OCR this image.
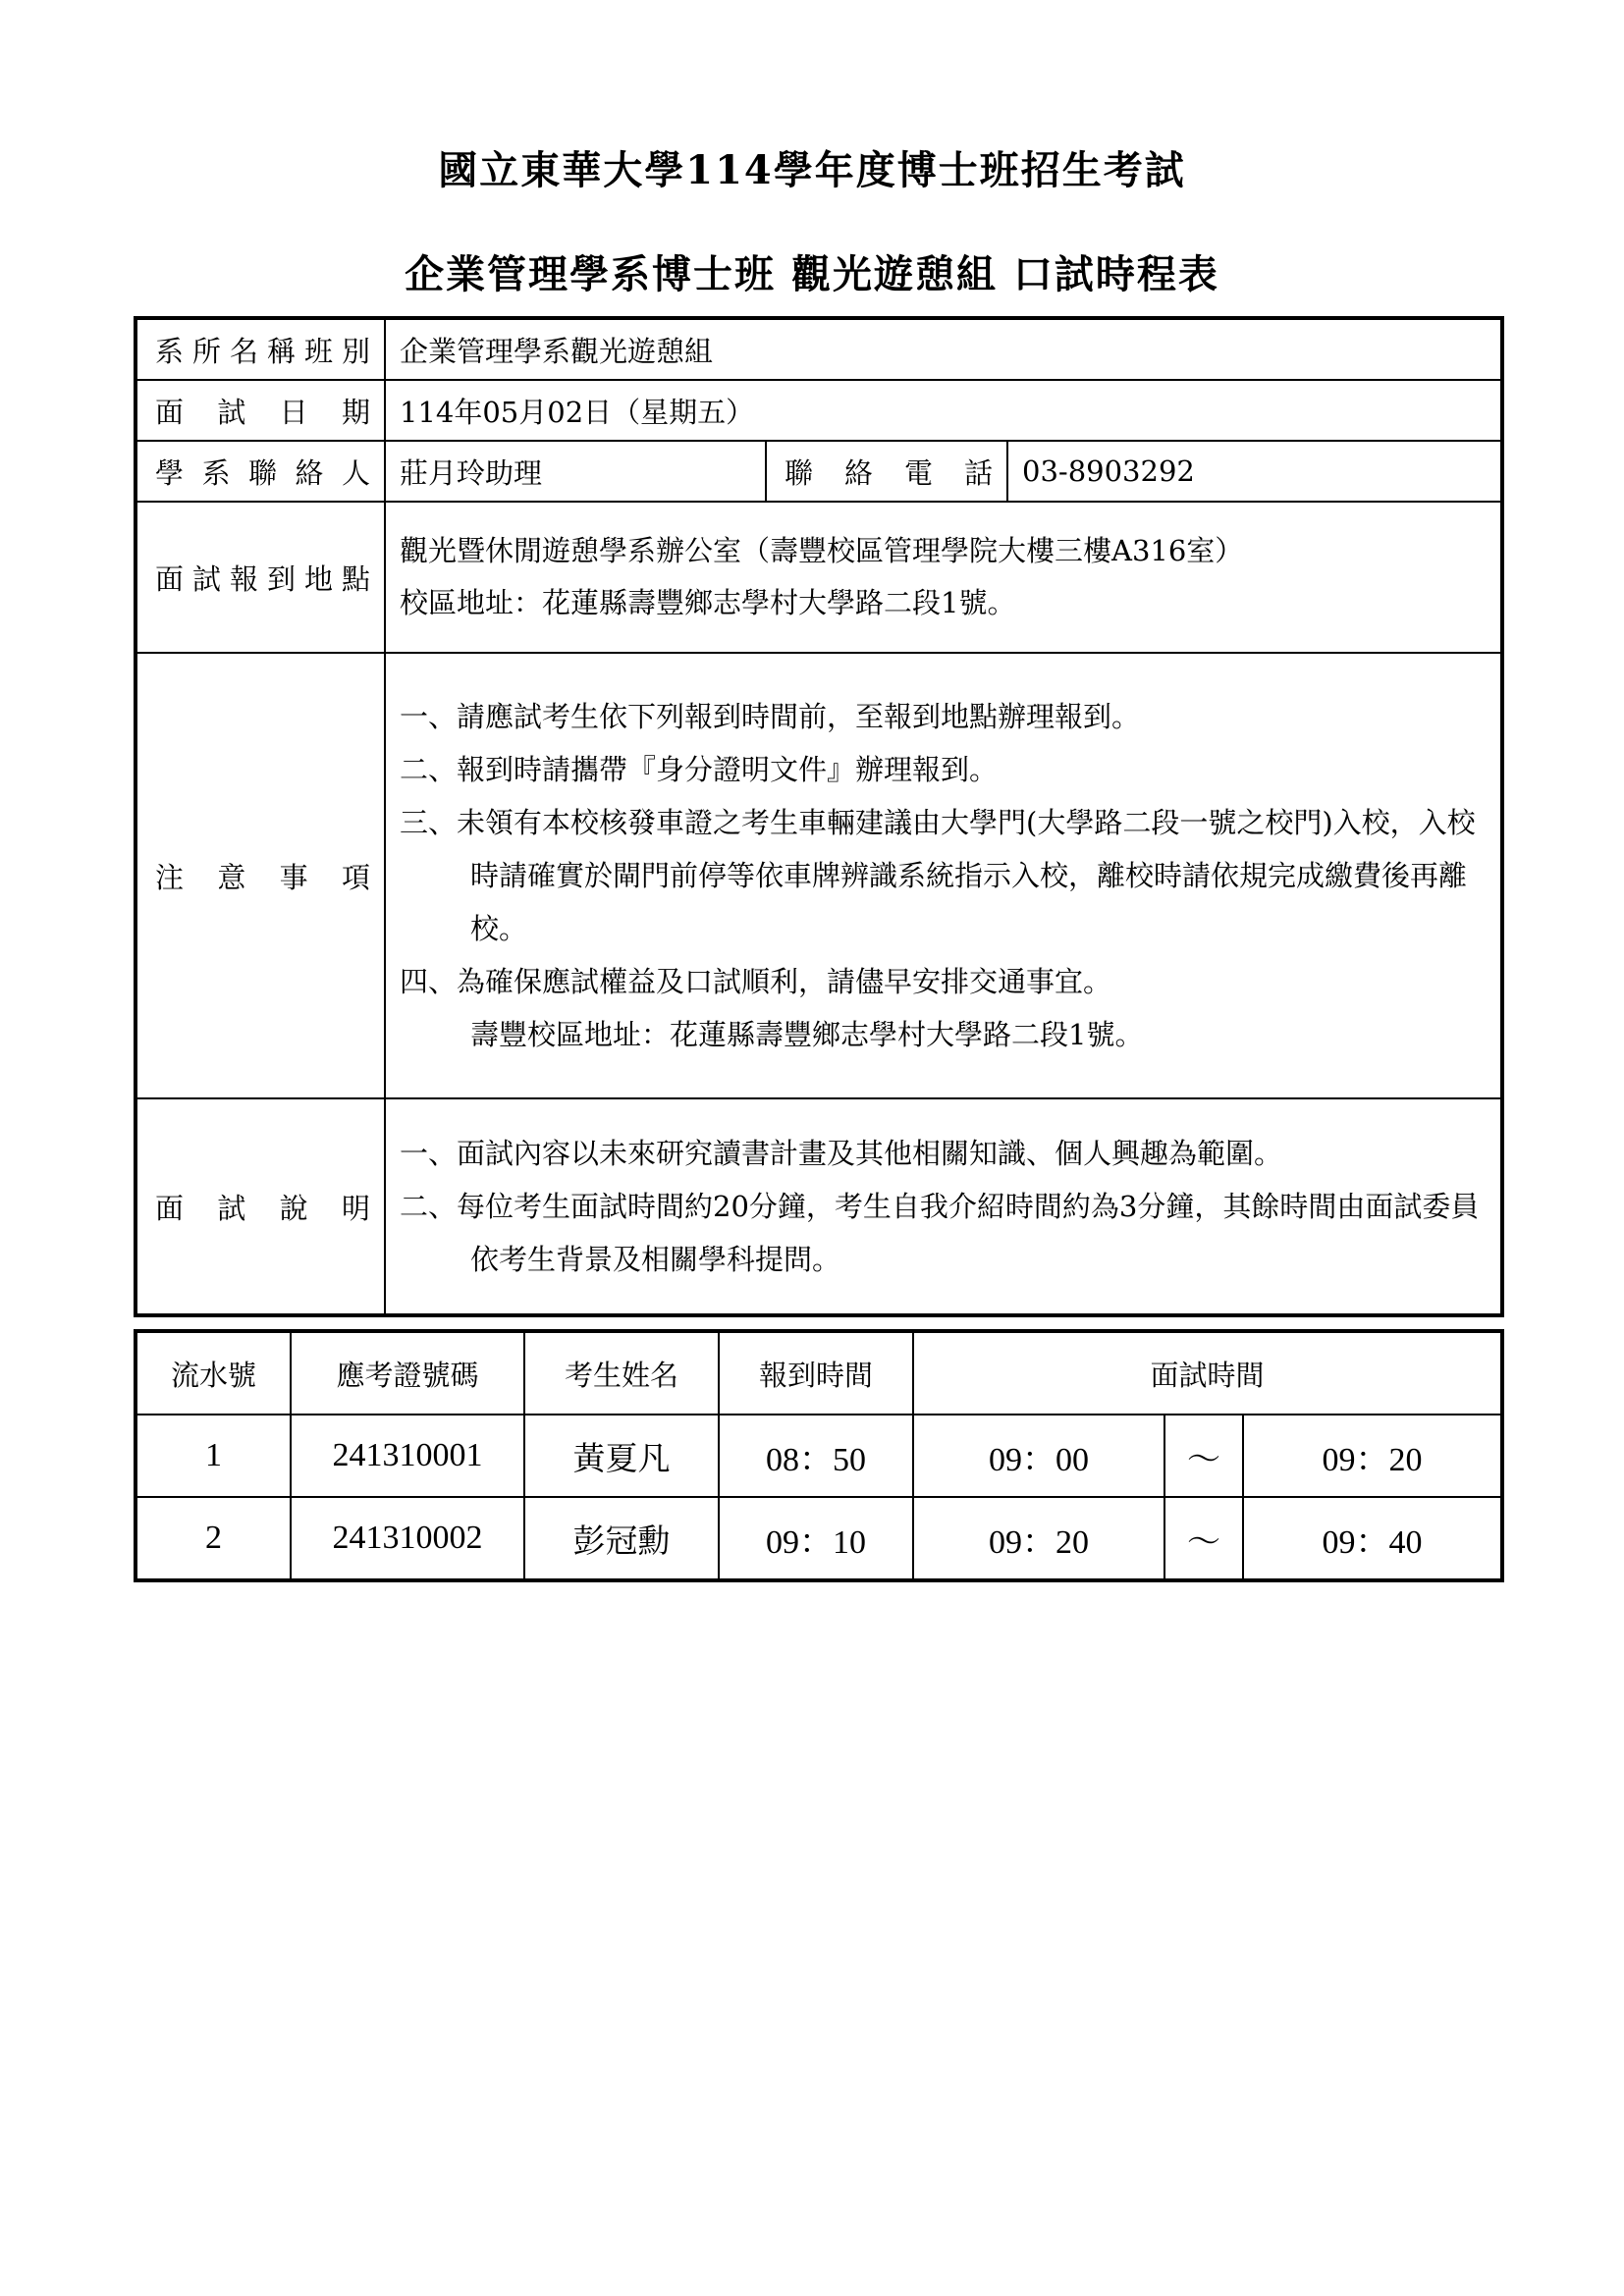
國立東華大學114學年度博士班招生考試
企業管理學系博士班 觀光遊憩組 口試時程表
系所名稱班別	企業管理學系觀光遊憩組		
面試日期	114年05月02日（星期五）		
學系聯絡人	莊月玲助理	聯絡電話	03-8903292
面試報到地點	觀光暨休閒遊憩學系辦公室（壽豐校區管理學院大樓三樓A316室）
校區地址：花蓮縣壽豐鄉志學村大學路二段1號。		

注意事項	一、請應試考生依下列報到時間前，至報到地點辦理報到。
二、報到時請攜帶『身分證明文件』辦理報到。
三、未領有本校核發車證之考生車輛建議由大學門(大學路二段一號之校門)入校，入校時請確實於閘門前停等依車牌辨識系統指示入校，離校時請依規完成繳費後再離校。
四、為確保應試權益及口試順利，請儘早安排交通事宜。
壽豐校區地址：花蓮縣壽豐鄉志學村大學路二段1號。		

面試說明	一、面試內容以未來研究讀書計畫及其他相關知識、個人興趣為範圍。
二、每位考生面試時間約20分鐘，考生自我介紹時間約為3分鐘，其餘時間由面試委員依考生背景及相關學科提問。		
流水號	應考證號碼	考生姓名	報到時間	面試時間		
1	241310001	黃夏凡	08：50	09：00	～	09：20
2	241310002	彭冠勳	09：10	09：20	～	09：40
